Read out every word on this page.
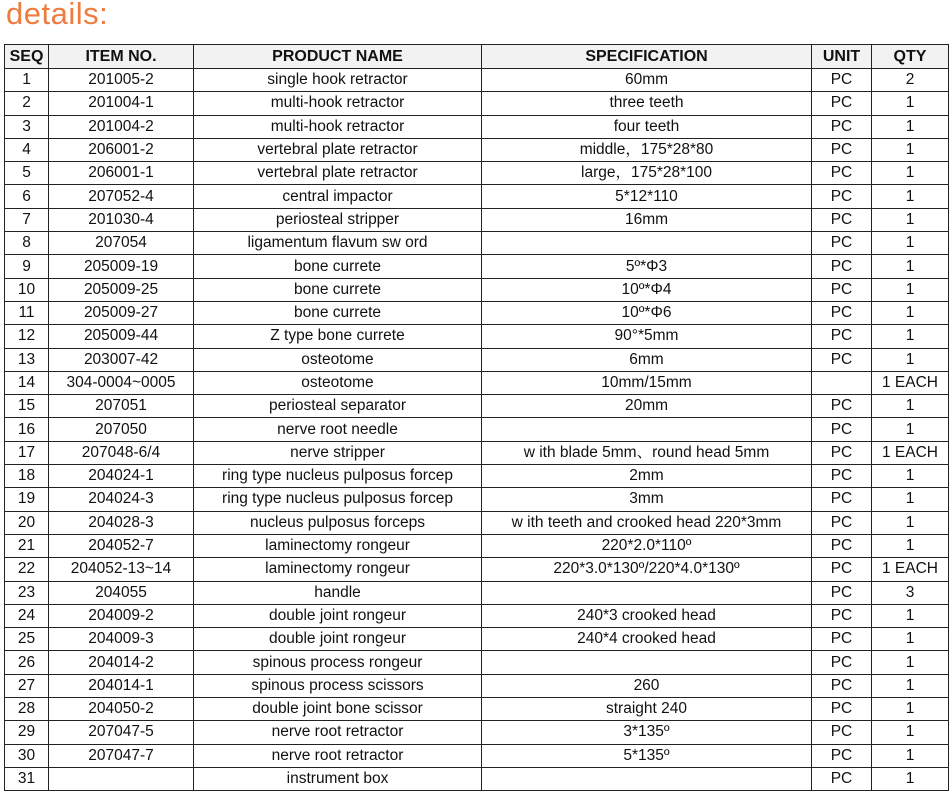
details:
SEQ	ITEM NO.	PRODUCT NAME	SPECIFICATION	UNIT	QTY
1	201005-2	single hook retractor	60mm	PC	2
2	201004-1	multi-hook retractor	three teeth	PC	1
3	201004-2	multi-hook retractor	four teeth	PC	1
4	206001-2	vertebral plate retractor	middle，175*28*80	PC	1
5	206001-1	vertebral plate retractor	large，175*28*100	PC	1
6	207052-4	central impactor	5*12*110	PC	1
7	201030-4	periosteal stripper	16mm	PC	1
8	207054	ligamentum flavum sw ord		PC	1
9	205009-19	bone currete	5º*Φ3	PC	1
10	205009-25	bone currete	10º*Φ4	PC	1
11	205009-27	bone currete	10º*Φ6	PC	1
12	205009-44	Z type bone currete	90°*5mm	PC	1
13	203007-42	osteotome	6mm	PC	1
14	304-0004~0005	osteotome	10mm/15mm		1 EACH
15	207051	periosteal separator	20mm	PC	1
16	207050	nerve root needle		PC	1
17	207048-6/4	nerve stripper	w ith blade 5mm、round head 5mm	PC	1 EACH
18	204024-1	ring type nucleus pulposus forcep	2mm	PC	1
19	204024-3	ring type nucleus pulposus forcep	3mm	PC	1
20	204028-3	nucleus pulposus forceps	w ith teeth and crooked head 220*3mm	PC	1
21	204052-7	laminectomy rongeur	220*2.0*110º	PC	1
22	204052-13~14	laminectomy rongeur	220*3.0*130º/220*4.0*130º	PC	1 EACH
23	204055	handle		PC	3
24	204009-2	double joint rongeur	240*3 crooked head	PC	1
25	204009-3	double joint rongeur	240*4 crooked head	PC	1
26	204014-2	spinous process rongeur		PC	1
27	204014-1	spinous process scissors	260	PC	1
28	204050-2	double joint bone scissor	straight 240	PC	1
29	207047-5	nerve root retractor	3*135º	PC	1
30	207047-7	nerve root retractor	5*135º	PC	1
31		instrument box		PC	1
